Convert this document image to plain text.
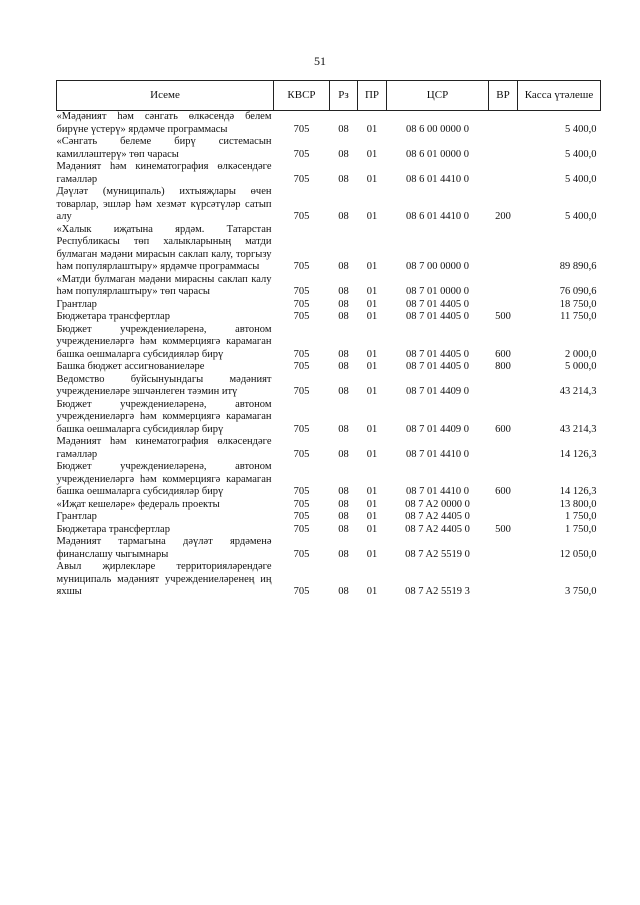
51
Исеме	КВСР	Рз	ПР	ЦСР	ВР	Касса үтәлеше
«Мәдәният һәм сәнгать өлкәсендә белем бирүне үстерү» ярдәмче программасы	705	08	01	08 6 00 0000 0		5 400,0
«Сәнгать белеме бирү системасын камилләштерү» төп чарасы	705	08	01	08 6 01 0000 0		5 400,0
Мәдәният һәм кинематография өлкәсендәге гамәлләр	705	08	01	08 6 01 4410 0		5 400,0
Дәүләт (муниципаль) ихтыяҗлары өчен товарлар, эшләр һәм хезмәт күрсәтүләр сатып алу	705	08	01	08 6 01 4410 0	200	5 400,0
«Халык иҗатына ярдәм. Татарстан Республикасы төп халыкларының матди булмаган мәдәни мирасын саклап калу, торгызу һәм популярлаштыру» ярдәмче программасы	705	08	01	08 7 00 0000 0		89 890,6
«Матди булмаган мәдәни мирасны саклап калу һәм популярлаштыру» төп чарасы	705	08	01	08 7 01 0000 0		76 090,6
Грантлар	705	08	01	08 7 01 4405 0		18 750,0
Бюджетара трансфертлар	705	08	01	08 7 01 4405 0	500	11 750,0
Бюджет учреждениеләренә, автоном учреждениеләргә һәм коммерциягә карамаган башка оешмаларга субсидияләр бирү	705	08	01	08 7 01 4405 0	600	2 000,0
Башка бюджет ассигнованиеләре	705	08	01	08 7 01 4405 0	800	5 000,0
Ведомство буйсынуындагы мәдәният учреждениеләре эшчәнлеген тәэмин итү	705	08	01	08 7 01 4409 0		43 214,3
Бюджет учреждениеләренә, автоном учреждениеләргә һәм коммерциягә карамаган башка оешмаларга субсидияләр бирү	705	08	01	08 7 01 4409 0	600	43 214,3
Мәдәният һәм кинематография өлкәсендәге гамәлләр	705	08	01	08 7 01 4410 0		14 126,3
Бюджет учреждениеләренә, автоном учреждениеләргә һәм коммерциягә карамаган башка оешмаларга субсидияләр бирү	705	08	01	08 7 01 4410 0	600	14 126,3
«Иҗат кешеләре» федераль проекты	705	08	01	08 7 A2 0000 0		13 800,0
Грантлар	705	08	01	08 7 A2 4405 0		1 750,0
Бюджетара трансфертлар	705	08	01	08 7 A2 4405 0	500	1 750,0
Мәдәният тармагына дәүләт ярдәменә финанслашу чыгымнары	705	08	01	08 7 A2 5519 0		12 050,0
Авыл җирлекләре территорияләрендәге муниципаль мәдәният учреждениеләренең иң яхшы	705	08	01	08 7 A2 5519 3		3 750,0
